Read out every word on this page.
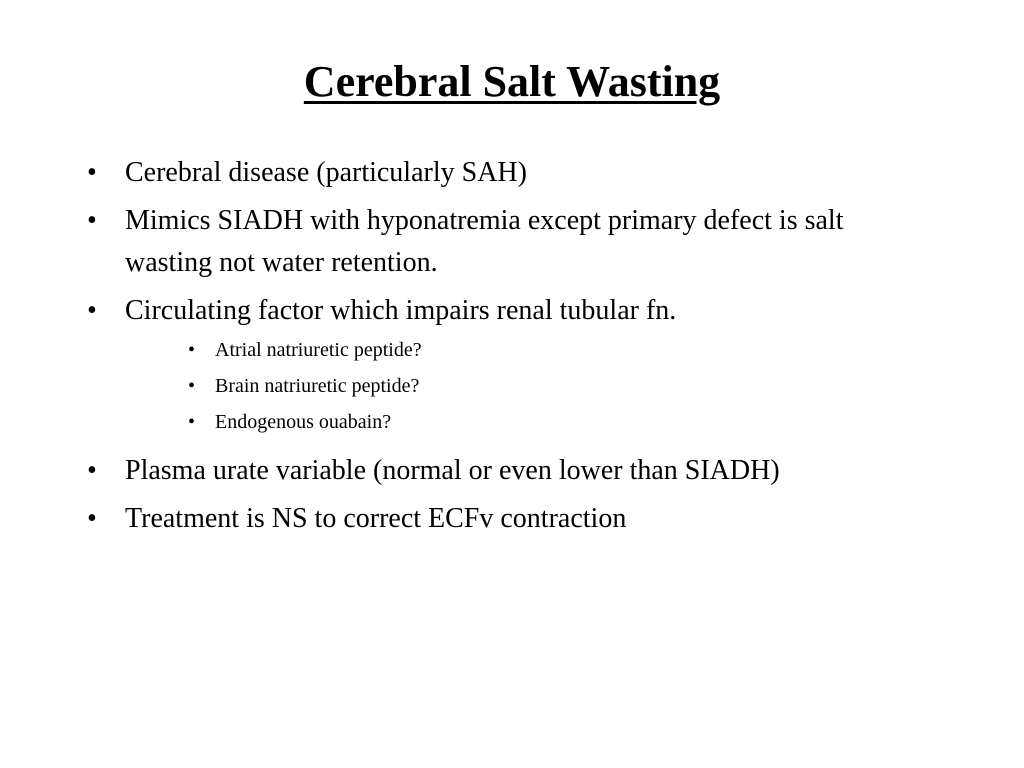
Cerebral Salt Wasting
• Cerebral disease (particularly SAH)
• Mimics SIADH with hyponatremia except primary defect is salt wasting not water retention.
• Circulating factor which impairs renal tubular fn.
• Atrial natriuretic peptide?
• Brain natriuretic peptide?
• Endogenous ouabain?
• Plasma urate variable (normal or even lower than SIADH)
• Treatment is NS to correct ECFv contraction
